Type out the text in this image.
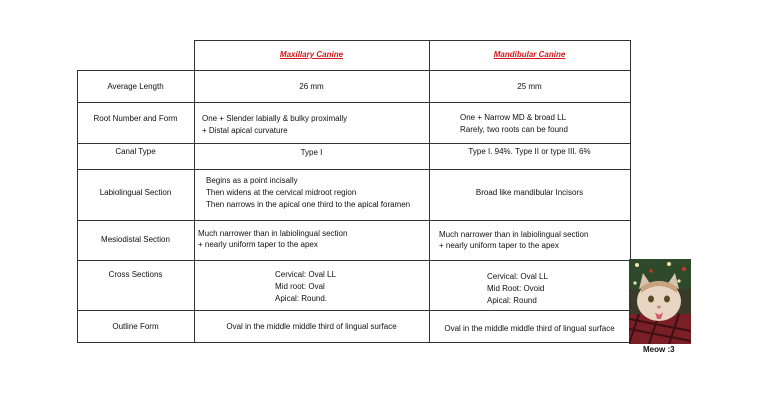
Maxillary Canine	Mandibular Canine
Average Length
Root Number and Form
Canal Type
Labiolingual Section
Mesiodistal Section
Cross Sections
Outline Form
26 mm
One + Slender labially & bulky proximally
+ Distal apical curvature
Type I
Begins as a point incisally
Then widens at the cervical midroot region
Then narrows in the apical one third to the apical foramen
Much narrower than in labiolingual section
+ nearly uniform taper to the apex
Cervical: Oval LL
Mid root: Oval
Apical: Round.
Oval in the middle middle third of lingual surface
25 mm
One + Narrow MD & broad LL
Rarely, two roots can be found
Type I. 94%. Type II or type III. 6%
Broad like mandibular Incisors
Much narrower than in labiolingual section
+ nearly uniform taper to the apex
Cervical: Oval LL
Mid Root: Ovoid
Apical: Round
Oval in the middle middle third of lingual surface
Meow :3
